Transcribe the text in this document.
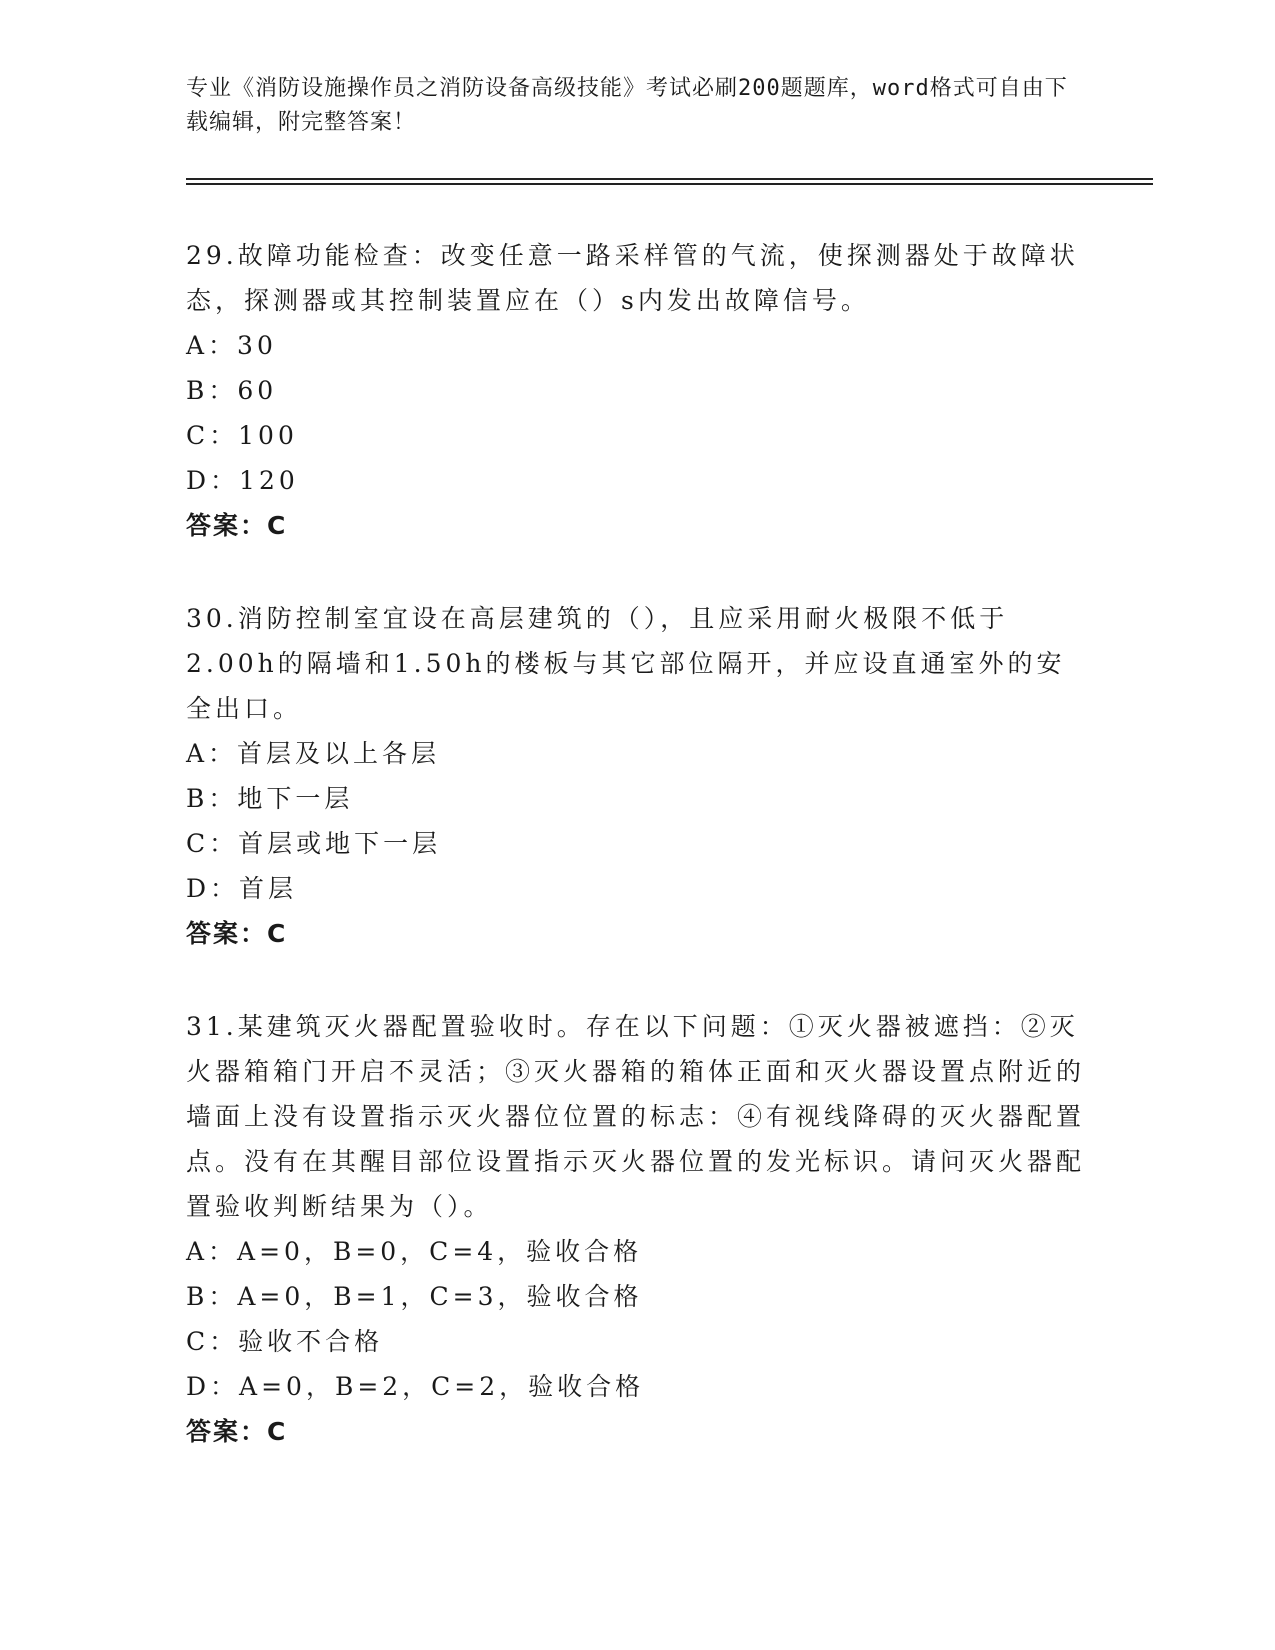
专业《消防设施操作员之消防设备高级技能》考试必刷200题题库，word格式可自由下载编辑，附完整答案！
29.故障功能检查：改变任意一路采样管的气流，使探测器处于故障状态，探测器或其控制装置应在（）s内发出故障信号。
A：30
B：60
C：100
D：120
答案：C
30.消防控制室宜设在高层建筑的（），且应采用耐火极限不低于2.00h的隔墙和1.50h的楼板与其它部位隔开，并应设直通室外的安全出口。
A：首层及以上各层
B：地下一层
C：首层或地下一层
D：首层
答案：C
31.某建筑灭火器配置验收时。存在以下问题：①灭火器被遮挡：②灭火器箱箱门开启不灵活；③灭火器箱的箱体正面和灭火器设置点附近的墙面上没有设置指示灭火器位位置的标志：④有视线降碍的灭火器配置点。没有在其醒目部位设置指示灭火器位置的发光标识。请问灭火器配置验收判断结果为（）。
A：A=0，B=0，C=4，验收合格
B：A=0，B=1，C=3，验收合格
C：验收不合格
D：A=0，B=2，C=2，验收合格
答案：C
